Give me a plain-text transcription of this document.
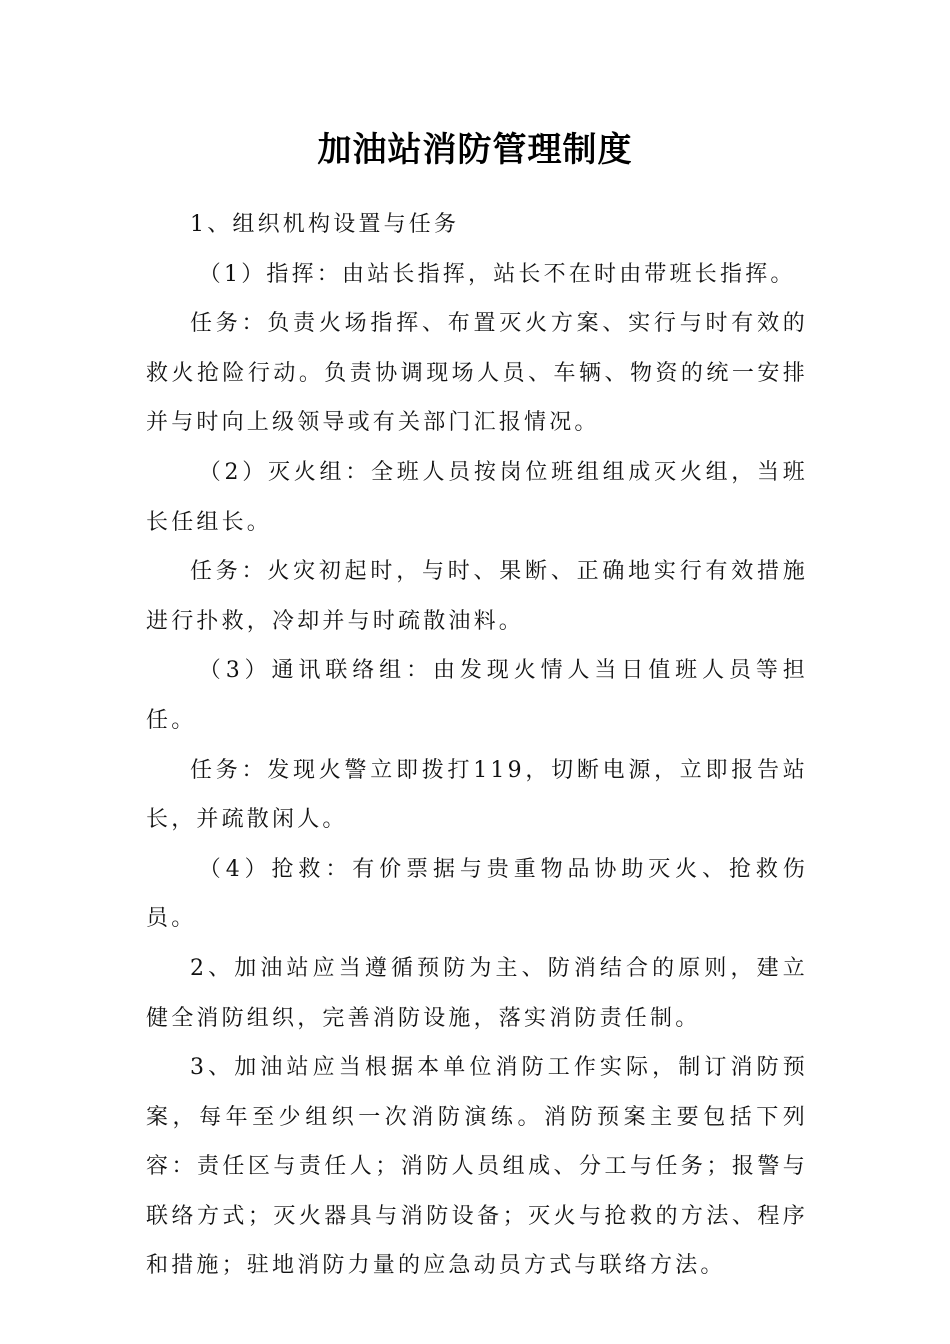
加油站消防管理制度

1、组织机构设置与任务

（1）指挥：由站长指挥，站长不在时由带班长指挥。

任务：负责火场指挥、布置灭火方案、实行与时有效的救火抢险行动。负责协调现场人员、车辆、物资的统一安排并与时向上级领导或有关部门汇报情况。

（2）灭火组：全班人员按岗位班组组成灭火组，当班长任组长。

任务：火灾初起时，与时、果断、正确地实行有效措施进行扑救，冷却并与时疏散油料。

（3）通讯联络组：由发现火情人当日值班人员等担任。

任务：发现火警立即拨打119，切断电源，立即报告站长，并疏散闲人。

（4）抢救：有价票据与贵重物品协助灭火、抢救伤员。

2、加油站应当遵循预防为主、防消结合的原则，建立健全消防组织，完善消防设施，落实消防责任制。

3、加油站应当根据本单位消防工作实际，制订消防预案，每年至少组织一次消防演练。消防预案主要包括下列容：责任区与责任人；消防人员组成、分工与任务；报警与联络方式；灭火器具与消防设备；灭火与抢救的方法、程序和措施；驻地消防力量的应急动员方式与联络方法。
